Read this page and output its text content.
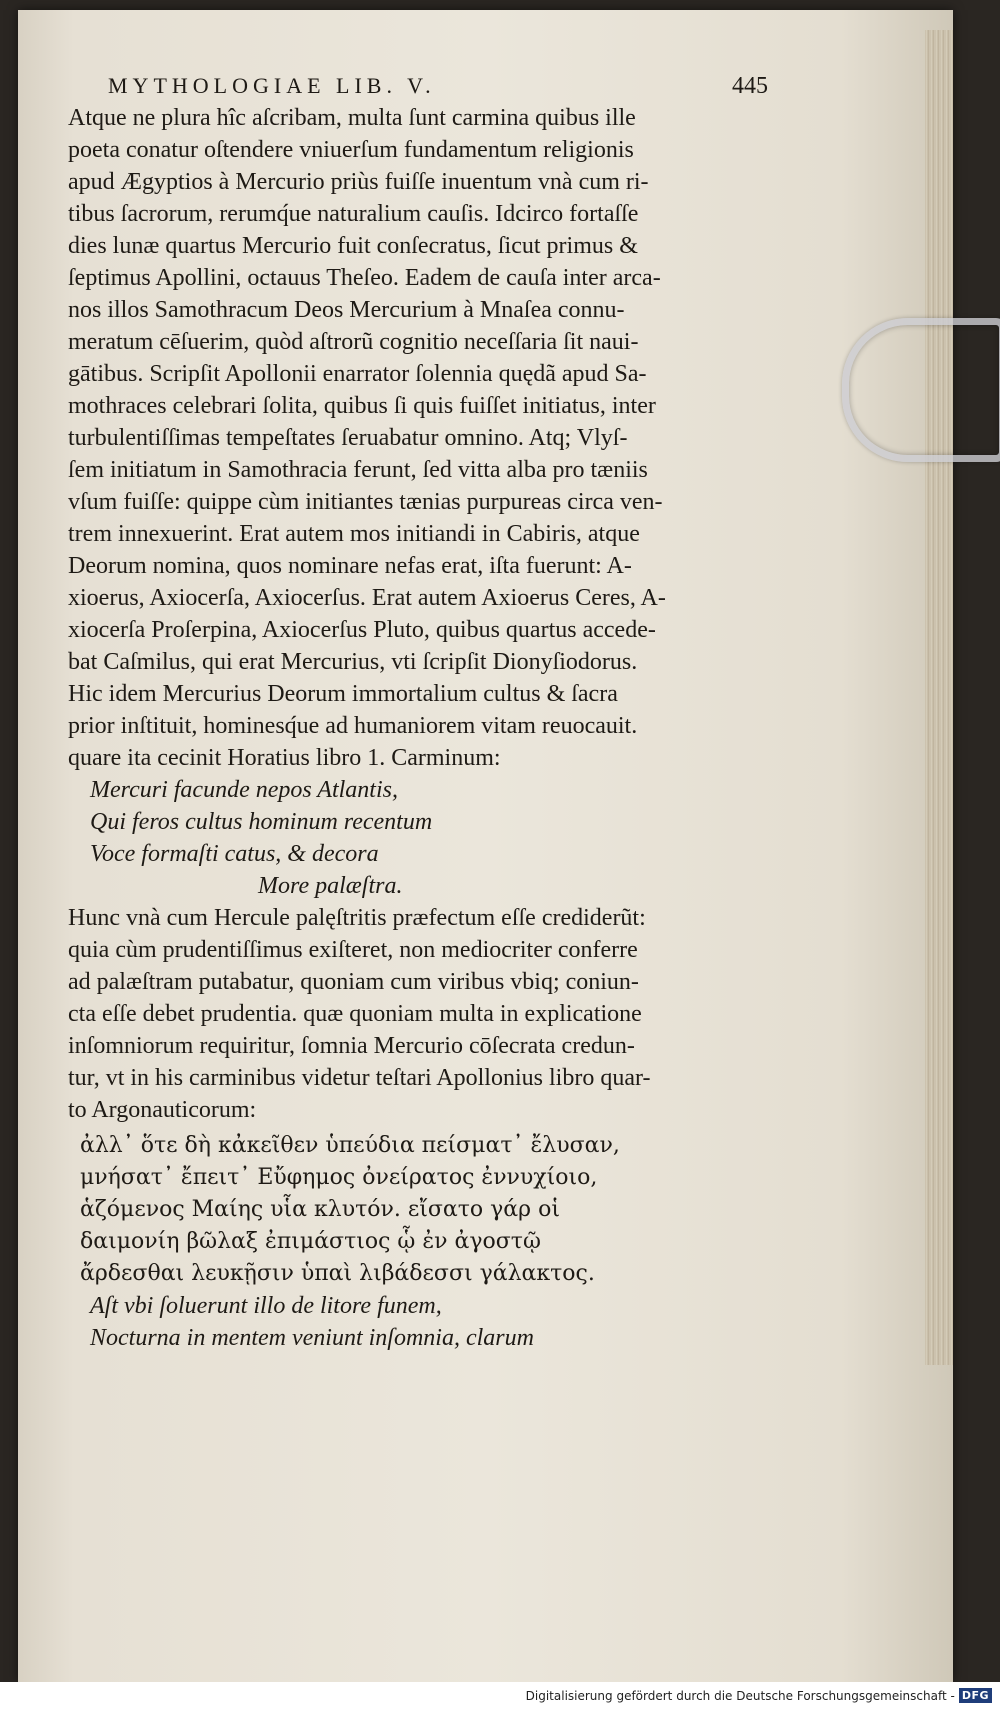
MYTHOLOGIAE LIB. V.	445
Atque ne plura hîc aſcribam, multa ſunt carmina quibus ille
poeta conatur oſtendere vniuerſum fundamentum religionis
apud Ægyptios à Mercurio priùs fuiſſe inuentum vnà cum ri-
tibus ſacrorum, rerumq́ue naturalium cauſis. Idcirco fortaſſe
dies lunæ quartus Mercurio fuit conſecratus, ſicut primus &
ſeptimus Apollini, octauus Theſeo. Eadem de cauſa inter arca-
nos illos Samothracum Deos Mercurium à Mnaſea connu-
meratum cēſuerim, quòd aſtrorũ cognitio neceſſaria ſit naui-
gātibus. Scripſit Apollonii enarrator ſolennia quędã apud Sa-
mothraces celebrari ſolita, quibus ſi quis fuiſſet initiatus, inter
turbulentiſſimas tempeſtates ſeruabatur omnino. Atq; Vlyſ-
ſem initiatum in Samothracia ferunt, ſed vitta alba pro tæniis
vſum fuiſſe: quippe cùm initiantes tænias purpureas circa ven-
trem innexuerint. Erat autem mos initiandi in Cabiris, atque
Deorum nomina, quos nominare nefas erat, iſta fuerunt: A-
xioerus, Axiocerſa, Axiocerſus. Erat autem Axioerus Ceres, A-
xiocerſa Proſerpina, Axiocerſus Pluto, quibus quartus accede-
bat Caſmilus, qui erat Mercurius, vti ſcripſit Dionyſiodorus.
Hic idem Mercurius Deorum immortalium cultus & ſacra
prior inſtituit, hominesq́ue ad humaniorem vitam reuocauit.
quare ita cecinit Horatius libro 1. Carminum:
Mercuri facunde nepos Atlantis,
Qui feros cultus hominum recentum
Voce formaſti catus, & decora
More palæſtra.
Hunc vnà cum Hercule palęſtritis præfectum eſſe crediderũt:
quia cùm prudentiſſimus exiſteret, non mediocriter conferre
ad palæſtram putabatur, quoniam cum viribus vbiq; coniun-
cta eſſe debet prudentia. quæ quoniam multa in explicatione
inſomniorum requiritur, ſomnia Mercurio cōſecrata credun-
tur, vt in his carminibus videtur teſtari Apollonius libro quar-
to Argonauticorum:
ἀλλ᾽ ὅτε δὴ κἀκεῖθεν ὑπεύδια πείσματ᾽ ἔλυσαν,
μνήσατ᾽ ἔπειτ᾽ Εὔφημος ὀνείρατος ἐννυχίοιο,
ἁζόμενος Μαίης υἷα κλυτόν. εἴσατο γάρ οἱ
δαιμονίη βῶλαξ ἐπιμάστιος ᾧ ἐν ἀγοστῷ
ἄρδεσθαι λευκῇσιν ὑπαὶ λιβάδεσσι γάλακτος.
Aſt vbi ſoluerunt illo de litore funem,
Nocturna in mentem veniunt inſomnia, clarum
Digitalisierung gefördert durch die Deutsche Forschungsgemeinschaft - DFG
